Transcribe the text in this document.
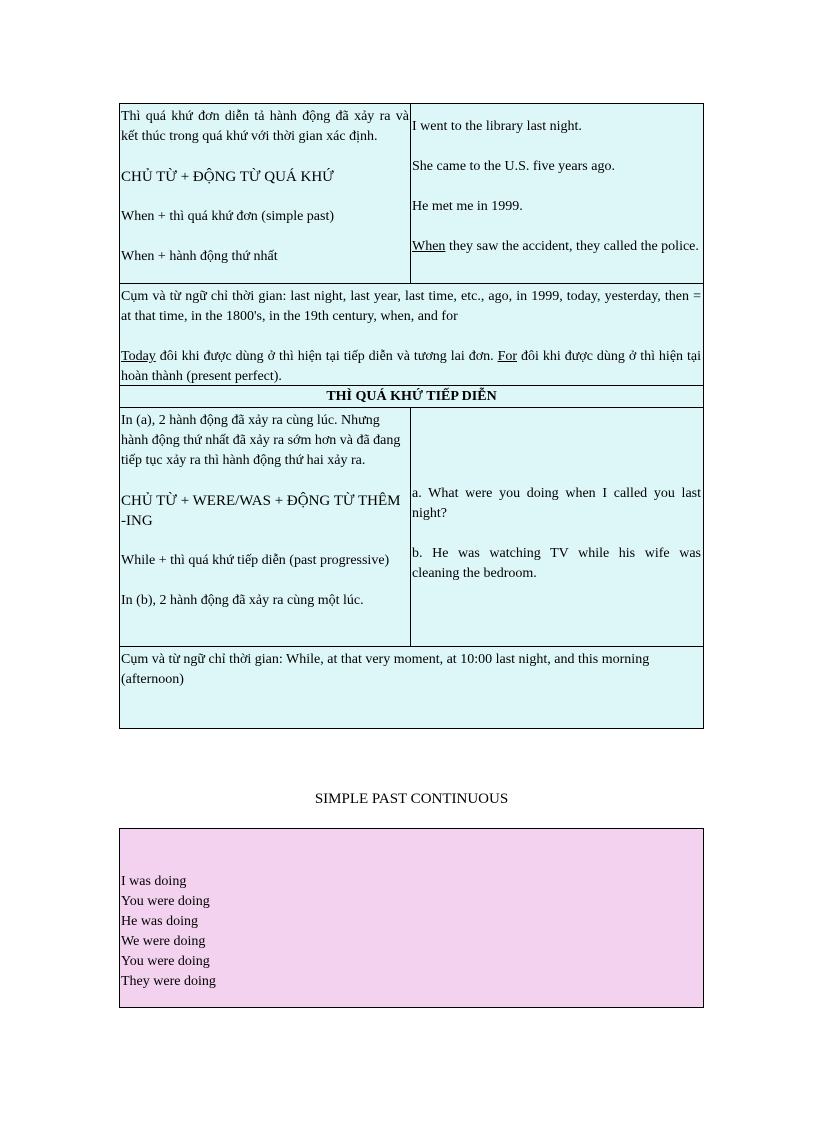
Thì quá khứ đơn diễn tả hành động đã xảy ra và kết thúc trong quá khứ với thời gian xác định.

CHỦ TỪ + ĐỘNG TỪ QUÁ KHỨ

When + thì quá khứ đơn (simple past)

When + hành động thứ nhất

I went to the library last night.

She came to the U.S. five years ago.

He met me in 1999.

When they saw the accident, they called the police.

Cụm và từ ngữ chỉ thời gian: last night, last year, last time, etc., ago, in 1999, today, yesterday, then = at that time, in the 1800's, in the 19th century, when, and for

Today đôi khi được dùng ở thì hiện tại tiếp diễn và tương lai đơn. For đôi khi được dùng ở thì hiện tại hoàn thành (present perfect).

THÌ QUÁ KHỨ TIẾP DIỄN

In (a), 2 hành động đã xảy ra cùng lúc. Nhưng hành động thứ nhất đã xảy ra sớm hơn và đã đang tiếp tục xảy ra thì hành động thứ hai xảy ra.

CHỦ TỪ + WERE/WAS + ĐỘNG TỪ THÊM -ING

While + thì quá khứ tiếp diễn (past progressive)

In (b), 2 hành động đã xảy ra cùng một lúc.

a. What were you doing when I called you last night?

b. He was watching TV while his wife was cleaning the bedroom.

Cụm và từ ngữ chỉ thời gian: While, at that very moment, at 10:00 last night, and this morning (afternoon)

SIMPLE PAST CONTINUOUS
I was doing
You were doing
He was doing
We were doing
You were doing
They were doing
